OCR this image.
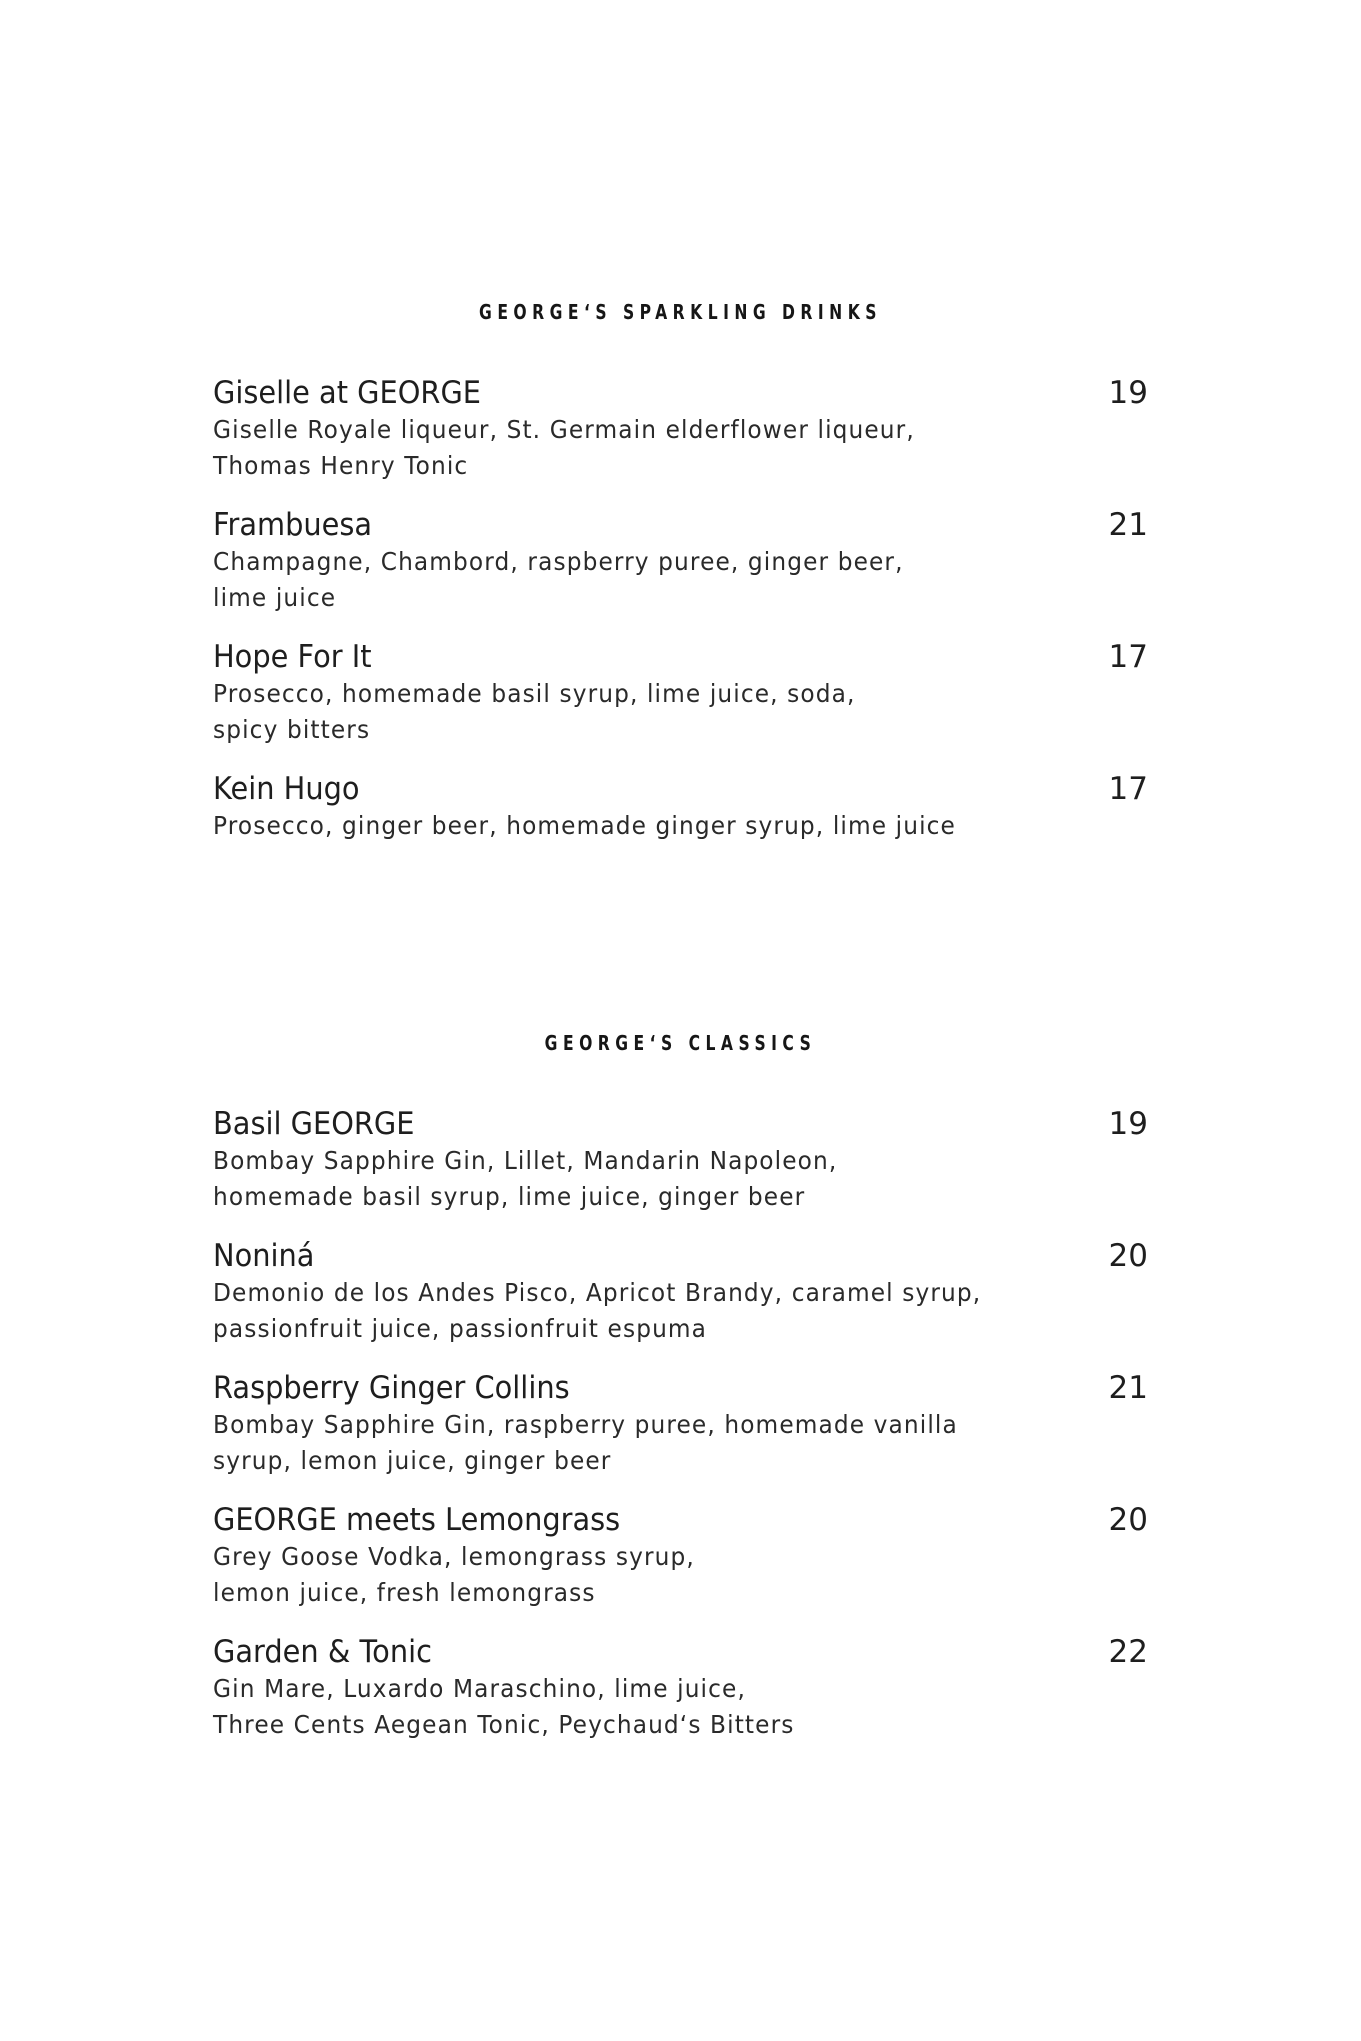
GEORGE‘S SPARKLING DRINKS
Giselle at GEORGE	19
Giselle Royale liqueur, St. Germain elderflower liqueur,
Thomas Henry Tonic
Frambuesa	21
Champagne, Chambord, raspberry puree, ginger beer,
lime juice
Hope For It	17
Prosecco, homemade basil syrup, lime juice, soda,
spicy bitters
Kein Hugo	17
Prosecco, ginger beer, homemade ginger syrup, lime juice
GEORGE‘S CLASSICS
Basil GEORGE	19
Bombay Sapphire Gin, Lillet, Mandarin Napoleon,
homemade basil syrup, lime juice, ginger beer
Noniná	20
Demonio de los Andes Pisco, Apricot Brandy, caramel syrup,
passionfruit juice, passionfruit espuma
Raspberry Ginger Collins	21
Bombay Sapphire Gin, raspberry puree, homemade vanilla
syrup, lemon juice, ginger beer
GEORGE meets Lemongrass	20
Grey Goose Vodka, lemongrass syrup,
lemon juice, fresh lemongrass
Garden & Tonic	22
Gin Mare, Luxardo Maraschino, lime juice,
Three Cents Aegean Tonic, Peychaud‘s Bitters
